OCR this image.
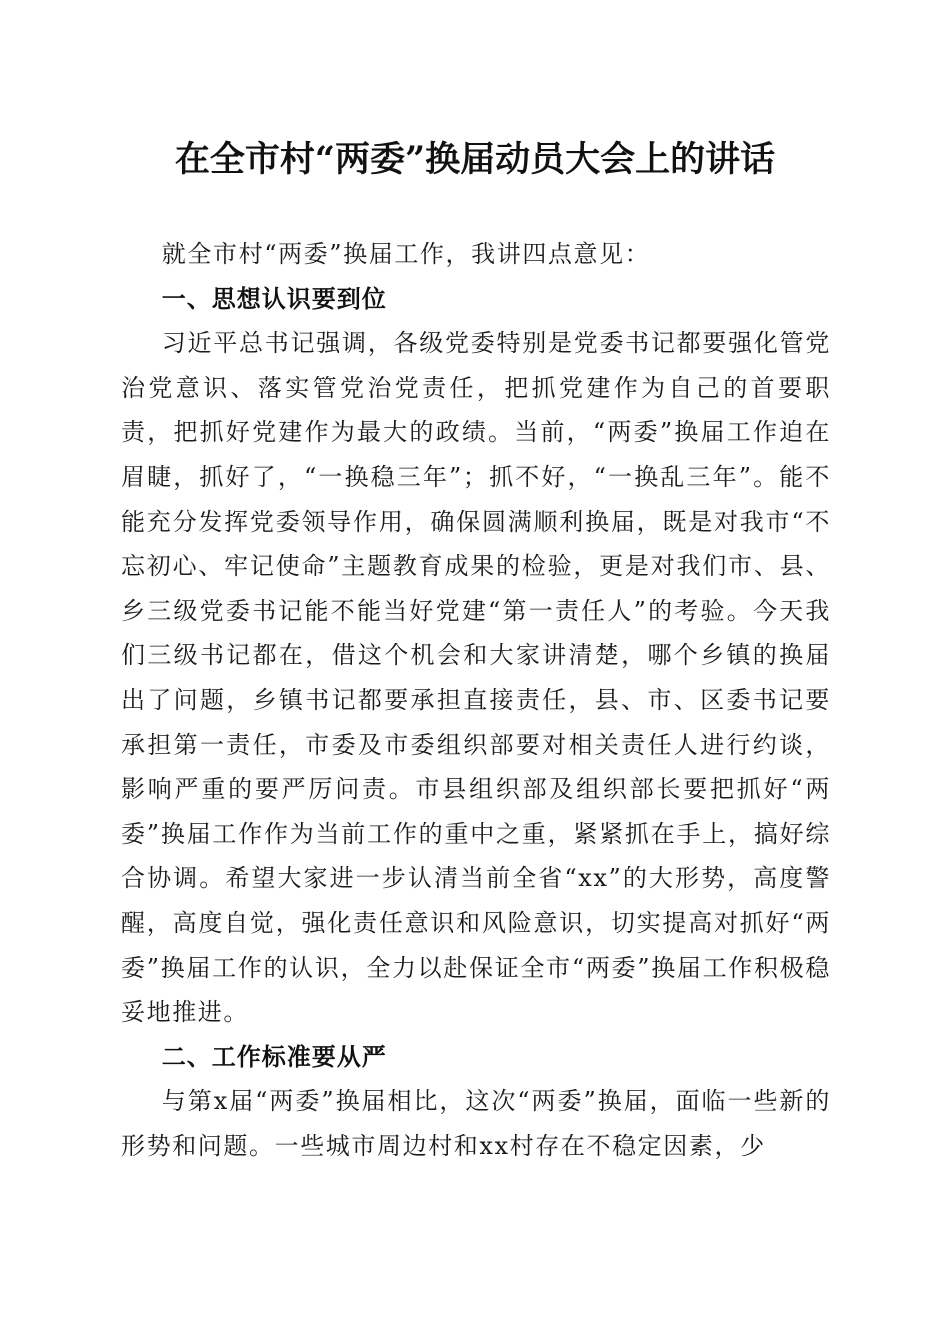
在全市村“两委”换届动员大会上的讲话

就全市村“两委”换届工作，我讲四点意见：

一、思想认识要到位

习近平总书记强调，各级党委特别是党委书记都要强化管党治党意识、落实管党治党责任，把抓党建作为自己的首要职责，把抓好党建作为最大的政绩。当前，“两委”换届工作迫在眉睫，抓好了，“一换稳三年”；抓不好，“一换乱三年”。能不能充分发挥党委领导作用，确保圆满顺利换届，既是对我市“不忘初心、牢记使命”主题教育成果的检验，更是对我们市、县、乡三级党委书记能不能当好党建“第一责任人”的考验。今天我们三级书记都在，借这个机会和大家讲清楚，哪个乡镇的换届出了问题，乡镇书记都要承担直接责任，县、市、区委书记要承担第一责任，市委及市委组织部要对相关责任人进行约谈，影响严重的要严厉问责。市县组织部及组织部长要把抓好“两委”换届工作作为当前工作的重中之重，紧紧抓在手上，搞好综合协调。希望大家进一步认清当前全省“xx”的大形势，高度警醒，高度自觉，强化责任意识和风险意识，切实提高对抓好“两委”换届工作的认识，全力以赴保证全市“两委”换届工作积极稳妥地推进。

二、工作标准要从严

与第x届“两委”换届相比，这次“两委”换届，面临一些新的形势和问题。一些城市周边村和xx村存在不稳定因素，少
